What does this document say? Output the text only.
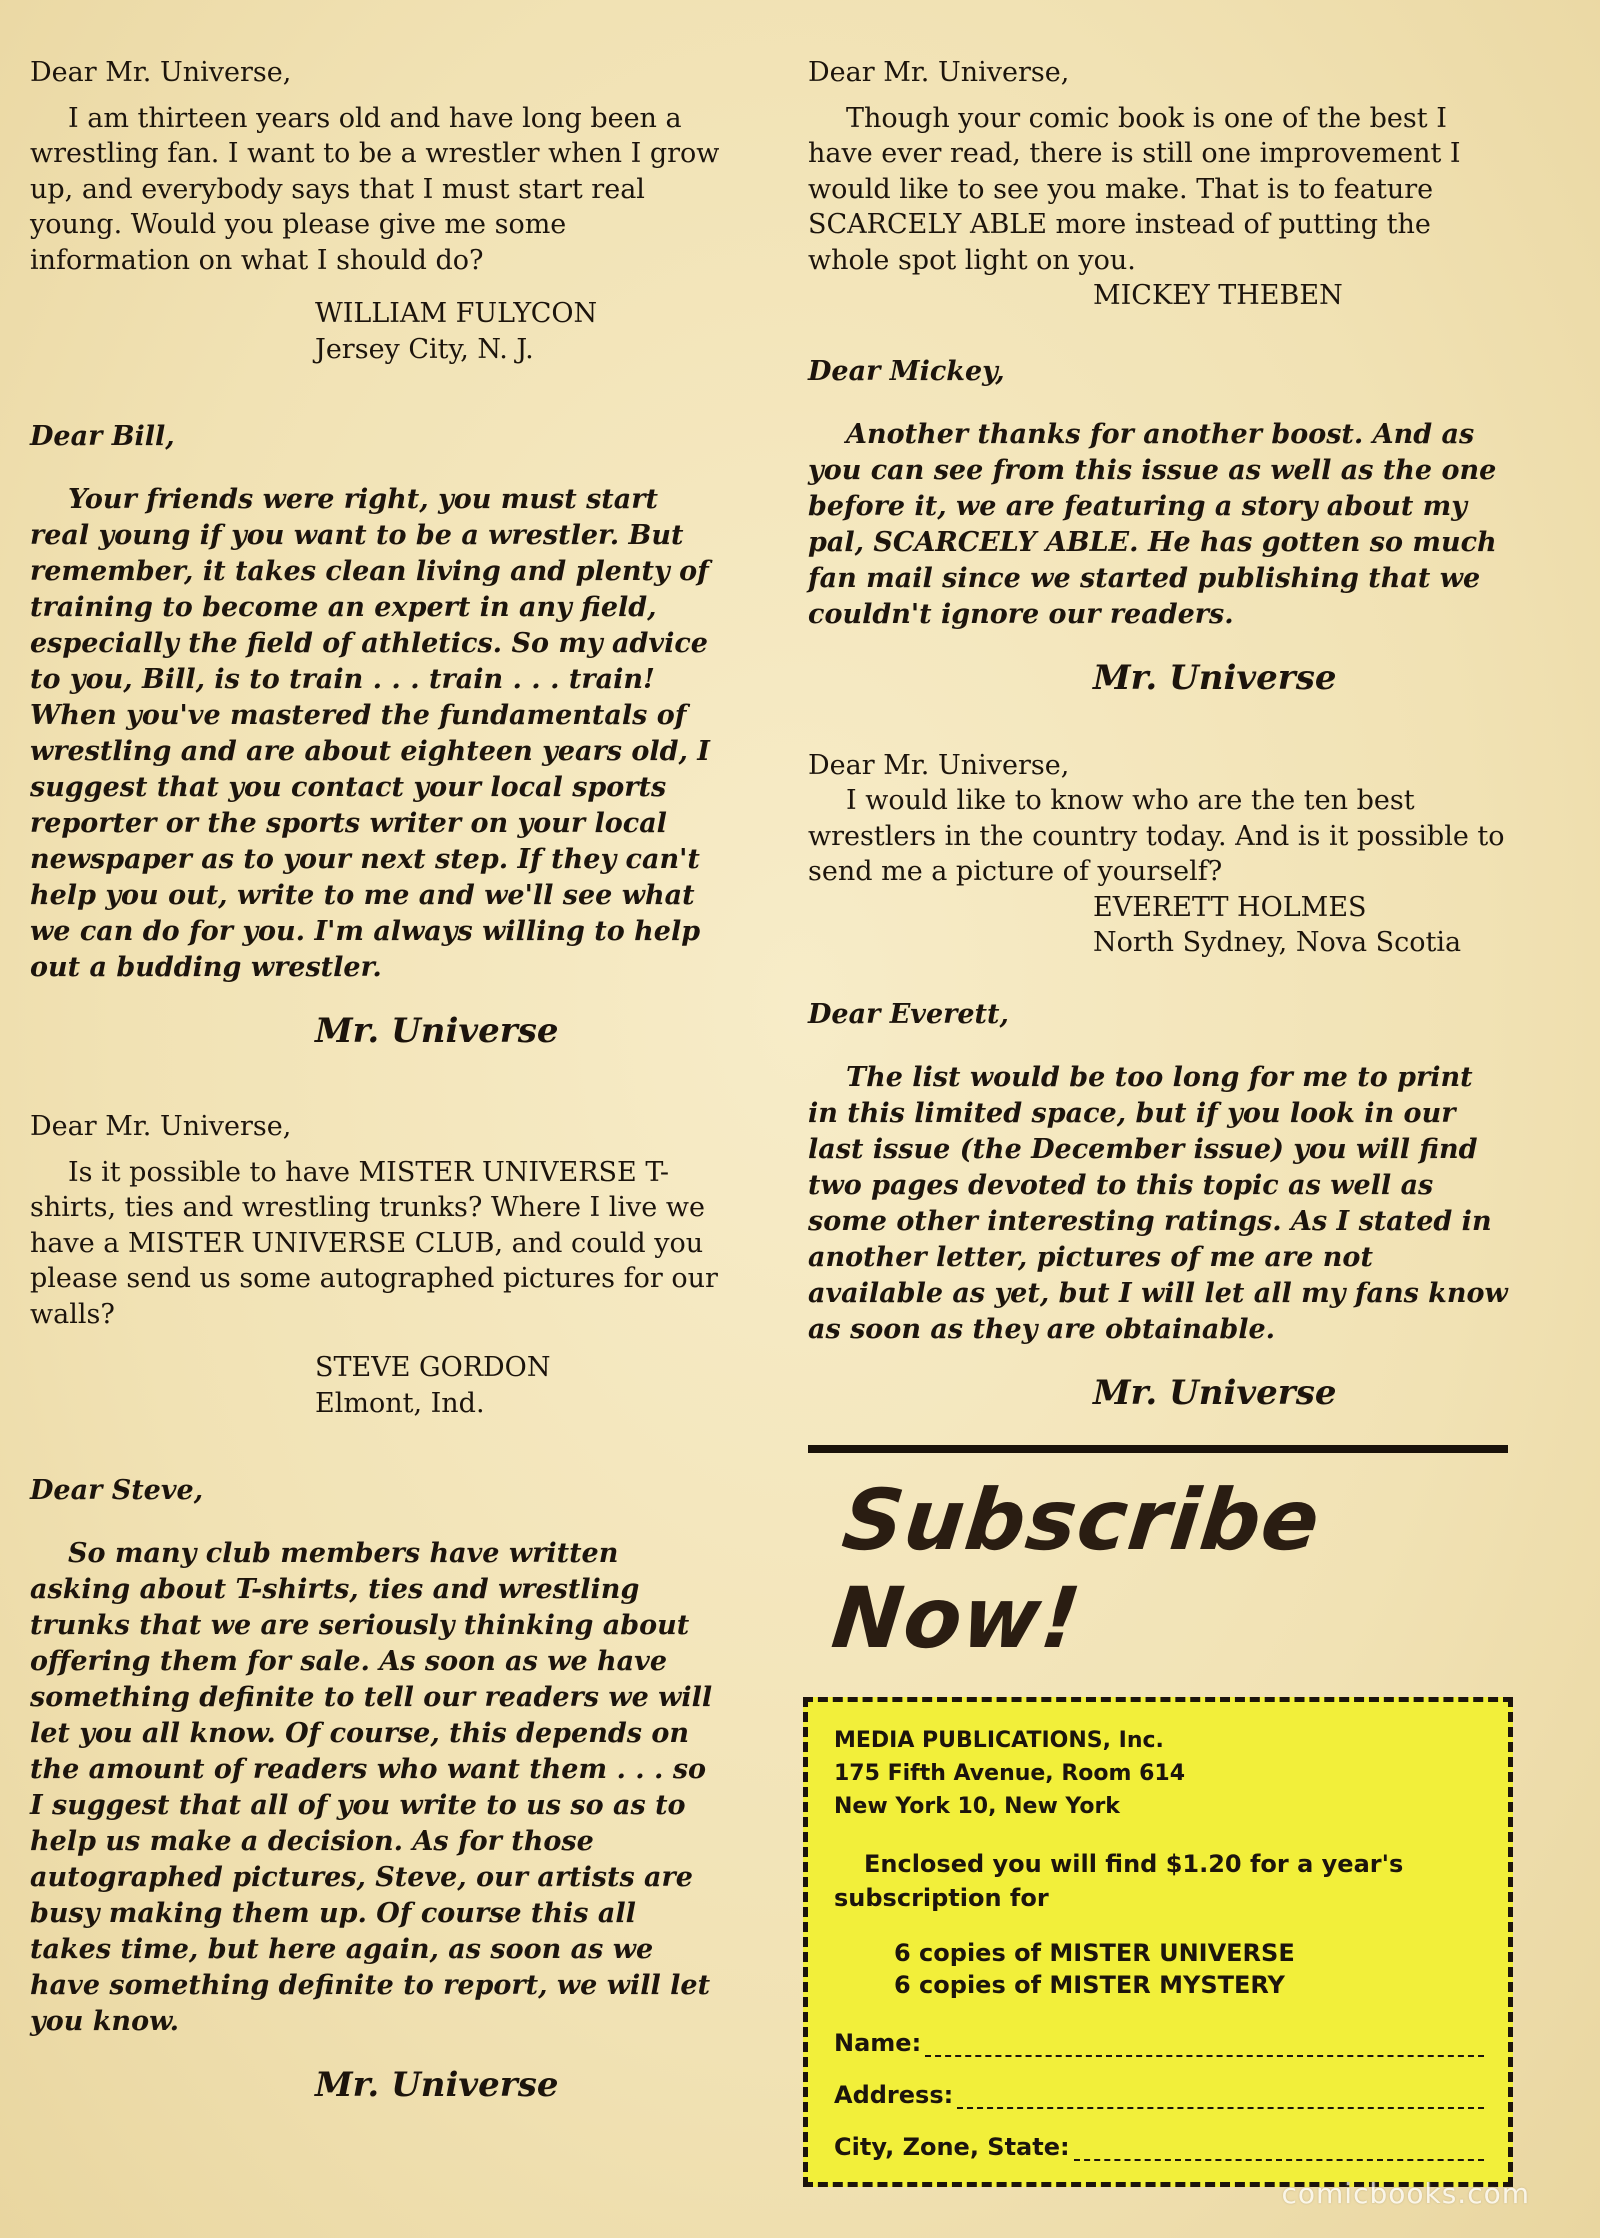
Dear Mr. Universe,

I am thirteen years old and have long been a wrestling fan. I want to be a wrestler when I grow up, and everybody says that I must start real young. Would you please give me some information on what I should do?

WILLIAM FULYCON

Jersey City, N. J.

Dear Bill,

Your friends were right, you must start real young if you want to be a wrestler. But remember, it takes clean living and plenty of training to become an expert in any field, especially the field of athletics. So my advice to you, Bill, is to train . . . train . . . train! When you've mastered the fundamentals of wrestling and are about eighteen years old, I suggest that you contact your local sports reporter or the sports writer on your local newspaper as to your next step. If they can't help you out, write to me and we'll see what we can do for you. I'm always willing to help out a budding wrestler.

Mr. Universe

Dear Mr. Universe,

Is it possible to have MISTER UNIVERSE T-shirts, ties and wrestling trunks? Where I live we have a MISTER UNIVERSE CLUB, and could you please send us some autographed pictures for our walls?

STEVE GORDON

Elmont, Ind.

Dear Steve,

So many club members have written asking about T-shirts, ties and wrestling trunks that we are seriously thinking about offering them for sale. As soon as we have something definite to tell our readers we will let you all know. Of course, this depends on the amount of readers who want them . . . so I suggest that all of you write to us so as to help us make a decision. As for those autographed pictures, Steve, our artists are busy making them up. Of course this all takes time, but here again, as soon as we have something definite to report, we will let you know.

Mr. Universe

Dear Mr. Universe,

Though your comic book is one of the best I have ever read, there is still one improvement I would like to see you make. That is to feature SCARCELY ABLE more instead of putting the whole spot light on you.

MICKEY THEBEN

Dear Mickey,

Another thanks for another boost. And as you can see from this issue as well as the one before it, we are featuring a story about my pal, SCARCELY ABLE. He has gotten so much fan mail since we started publishing that we couldn't ignore our readers.

Mr. Universe

Dear Mr. Universe,

I would like to know who are the ten best wrestlers in the country today. And is it possible to send me a picture of yourself?

EVERETT HOLMES

North Sydney, Nova Scotia

Dear Everett,

The list would be too long for me to print in this limited space, but if you look in our last issue (the December issue) you will find two pages devoted to this topic as well as some other interesting ratings. As I stated in another letter, pictures of me are not available as yet, but I will let all my fans know as soon as they are obtainable.

Mr. Universe

Subscribe Now!

MEDIA PUBLICATIONS, Inc.

175 Fifth Avenue, Room 614

New York 10, New York

Enclosed you will find $1.20 for a year's

subscription for

6 copies of MISTER UNIVERSE

6 copies of MISTER MYSTERY

Name:
Address:
City, Zone, State:
comicbooks.com
